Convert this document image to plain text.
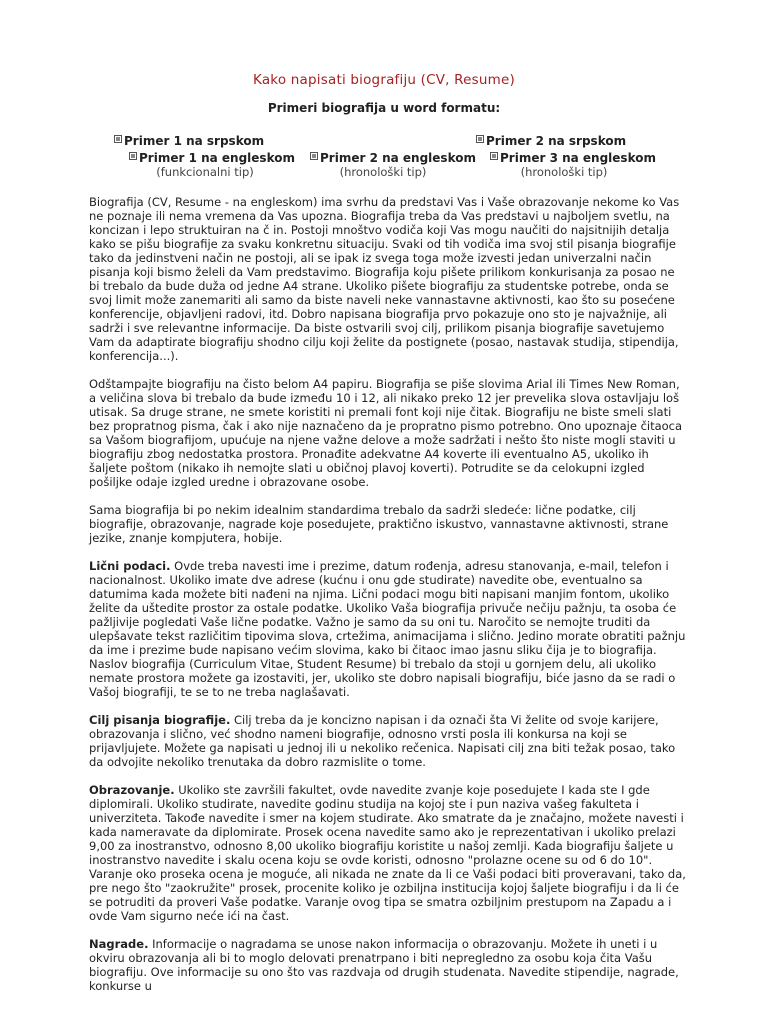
Kako napisati biografiju (CV, Resume)
Primeri biografija u word formatu:
Primer 1 na srpskom	Primer 2 na srpskom
Primer 1 na engleskom	Primer 2 na engleskom	Primer 3 na engleskom
(funkcionalni tip)	(hronološki tip)	(hronološki tip)

Biografija (CV, Resume - na engleskom) ima svrhu da predstavi Vas i Vaše obrazovanje nekome ko Vas ne poznaje ili nema vremena da Vas upozna. Biografija treba da Vas predstavi u najboljem svetlu, na koncizan i lepo struktuiran na č in. Postoji mnoštvo vodiča koji Vas mogu naučiti do najsitnijih detalja kako se pišu biografije za svaku konkretnu situaciju. Svaki od tih vodiča ima svoj stil pisanja biografije tako da jedinstveni način ne postoji, ali se ipak iz svega toga može izvesti jedan univerzalni način pisanja koji bismo želeli da Vam predstavimo. Biografija koju pišete prilikom konkurisanja za posao ne bi trebalo da bude duža od jedne A4 strane. Ukoliko pišete biografiju za studentske potrebe, onda se svoj limit može zanemariti ali samo da biste naveli neke vannastavne aktivnosti, kao što su posećene konferencije, objavljeni radovi, itd. Dobro napisana biografija prvo pokazuje ono sto je najvažnije, ali sadrži i sve relevantne informacije. Da biste ostvarili svoj cilj, prilikom pisanja biografije savetujemo Vam da adaptirate biografiju shodno cilju koji želite da postignete (posao, nastavak studija, stipendija, konferencija...).

Odštampajte biografiju na čisto belom A4 papiru. Biografija se piše slovima Arial ili Times New Roman, a veličina slova bi trebalo da bude između 10 i 12, ali nikako preko 12 jer prevelika slova ostavljaju loš utisak. Sa druge strane, ne smete koristiti ni premali font koji nije čitak. Biografiju ne biste smeli slati bez propratnog pisma, čak i ako nije naznačeno da je propratno pismo potrebno. Ono upoznaje čitaoca sa Vašom biografijom, upućuje na njene važne delove a može sadržati i nešto što niste mogli staviti u biografiju zbog nedostatka prostora. Pronađite adekvatne A4 koverte ili eventualno A5, ukoliko ih šaljete poštom (nikako ih nemojte slati u običnoj plavoj koverti). Potrudite se da celokupni izgled pošiljke odaje izgled uredne i obrazovane osobe.

Sama biografija bi po nekim idealnim standardima trebalo da sadrži sledeće: lične podatke, cilj biografije, obrazovanje, nagrade koje posedujete, praktično iskustvo, vannastavne aktivnosti, strane jezike, znanje kompjutera, hobije.

Lični podaci. Ovde treba navesti ime i prezime, datum rođenja, adresu stanovanja, e-mail, telefon i nacionalnost. Ukoliko imate dve adrese (kućnu i onu gde studirate) navedite obe, eventualno sa datumima kada možete biti nađeni na njima. Lični podaci mogu biti napisani manjim fontom, ukoliko želite da uštedite prostor za ostale podatke. Ukoliko Vaša biografija privuče nečiju pažnju, ta osoba će pažljivije pogledati Vaše lične podatke. Važno je samo da su oni tu. Naročito se nemojte truditi da ulepšavate tekst različitim tipovima slova, crtežima, animacijama i slično. Jedino morate obratiti pažnju da ime i prezime bude napisano većim slovima, kako bi čitaoc imao jasnu sliku čija je to biografija. Naslov biografija (Curriculum Vitae, Student Resume) bi trebalo da stoji u gornjem delu, ali ukoliko nemate prostora možete ga izostaviti, jer, ukoliko ste dobro napisali biografiju, biće jasno da se radi o Vašoj biografiji, te se to ne treba naglašavati.

Cilj pisanja biografije. Cilj treba da je koncizno napisan i da označi šta Vi želite od svoje karijere, obrazovanja i slično, već shodno nameni biografije, odnosno vrsti posla ili konkursa na koji se prijavljujete. Možete ga napisati u jednoj ili u nekoliko rečenica. Napisati cilj zna biti težak posao, tako da odvojite nekoliko trenutaka da dobro razmislite o tome.

Obrazovanje. Ukoliko ste završili fakultet, ovde navedite zvanje koje posedujete I kada ste I gde diplomirali. Ukoliko studirate, navedite godinu studija na kojoj ste i pun naziva vašeg fakulteta i univerziteta. Takođe navedite i smer na kojem studirate. Ako smatrate da je značajno, možete navesti i kada nameravate da diplomirate. Prosek ocena navedite samo ako je reprezentativan i ukoliko prelazi 9,00 za inostranstvo, odnosno 8,00 ukoliko biografiju koristite u našoj zemlji. Kada biografiju šaljete u inostranstvo navedite i skalu ocena koju se ovde koristi, odnosno "prolazne ocene su od 6 do 10". Varanje oko proseka ocena je moguće, ali nikada ne znate da li ce Vaši podaci biti proveravani, tako da, pre nego što "zaokružite" prosek, procenite koliko je ozbiljna institucija kojoj šaljete biografiju i da li će se potruditi da proveri Vaše podatke. Varanje ovog tipa se smatra ozbiljnim prestupom na Zapadu a i ovde Vam sigurno neće ići na čast.

Nagrade. Informacije o nagradama se unose nakon informacija o obrazovanju. Možete ih uneti i u okviru obrazovanja ali bi to moglo delovati prenatrpano i biti nepregledno za osobu koja čita Vašu biografiju. Ove informacije su ono što vas razdvaja od drugih studenata. Navedite stipendije, nagrade, konkurse u
